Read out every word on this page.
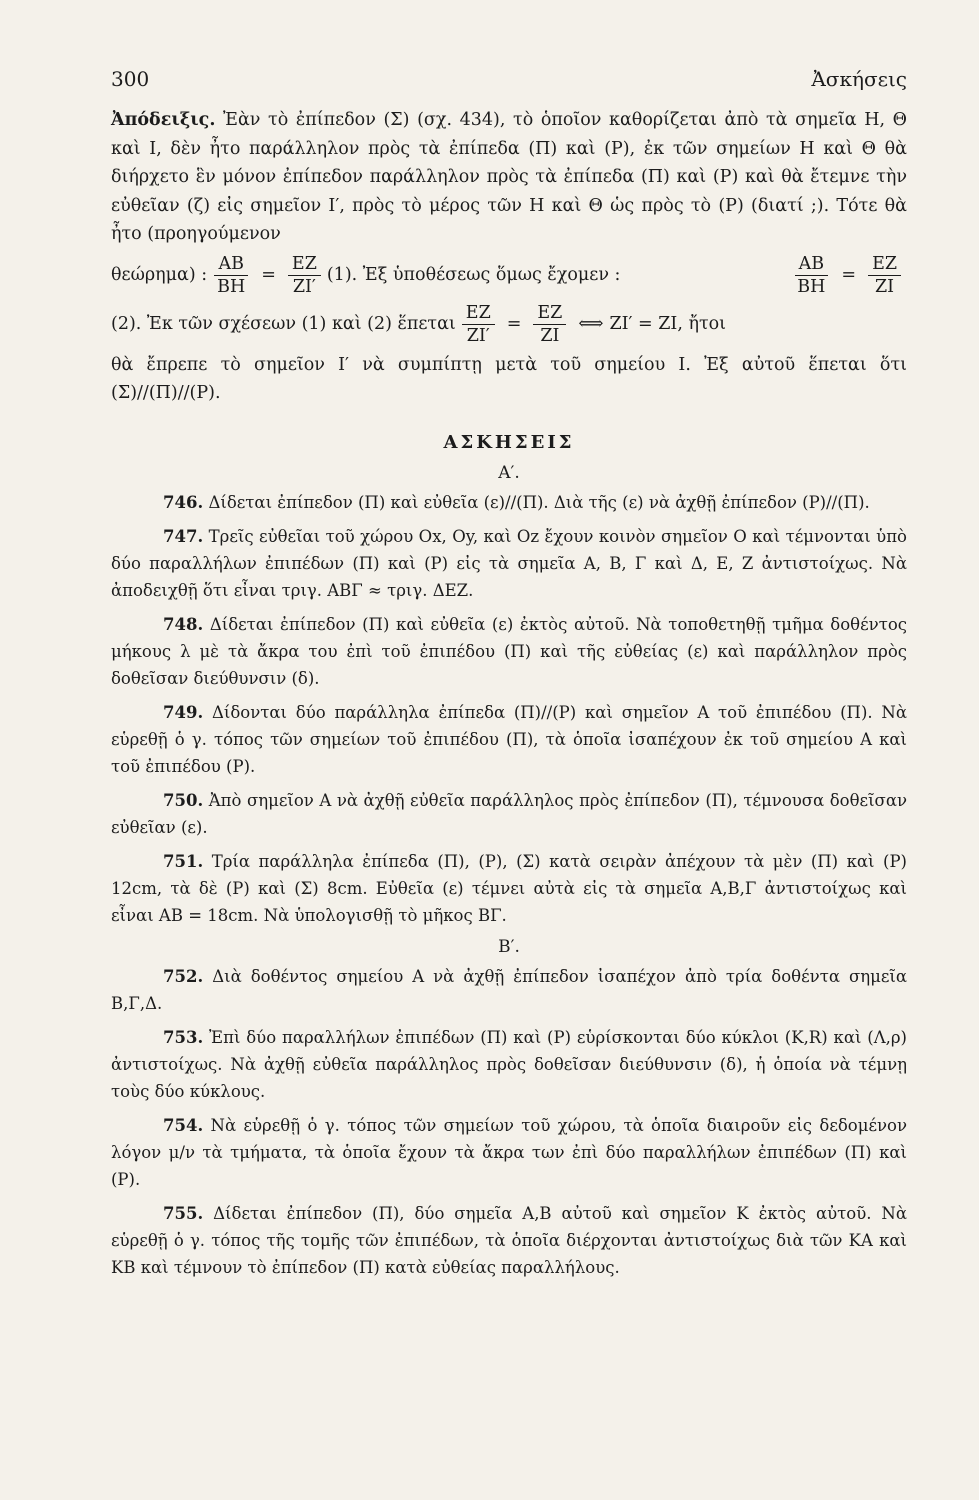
300	Ἀσκήσεις

Ἀπόδειξις. Ἐὰν τὸ ἐπίπεδον (Σ) (σχ. 434), τὸ ὁποῖον καθορίζεται ἀπὸ τὰ σημεῖα Η, Θ καὶ Ι, δὲν ἦτο παράλληλον πρὸς τὰ ἐπίπεδα (Π) καὶ (Ρ), ἐκ τῶν σημείων Η καὶ Θ θὰ διήρχετο ἓν μόνον ἐπίπεδον παράλληλον πρὸς τὰ ἐπίπεδα (Π) καὶ (Ρ) καὶ θὰ ἔτεμνε τὴν εὐθεῖαν (ζ) εἰς σημεῖον Ι′, πρὸς τὸ μέρος τῶν Η καὶ Θ ὡς πρὸς τὸ (Ρ) (διατί ;). Τότε θὰ ἦτο (προηγούμενον

θεώρημα) : $\frac{AB}{BH} = \frac{EZ}{ZI'} (1)$. Ἐξ ὑποθέσεως ὅμως ἔχομεν :	$\frac{AB}{BH} = \frac{EZ}{ZI}$
(2). Ἐκ τῶν σχέσεων (1) καὶ (2) ἕπεται $\frac{EZ}{ZI'} = \frac{EZ}{ZI}$ ⟺ ΖΙ′ = ΖΙ, ἤτοι

θὰ ἔπρεπε τὸ σημεῖον Ι′ νὰ συμπίπτῃ μετὰ τοῦ σημείου Ι. Ἐξ αὐτοῦ ἕπεται ὅτι (Σ)//(Π)//(Ρ).

ΑΣΚΗΣΕΙΣ
Α′.

746. Δίδεται ἐπίπεδον (Π) καὶ εὐθεῖα (ε)//(Π). Διὰ τῆς (ε) νὰ ἀχθῇ ἐπίπεδον (Ρ)//(Π).

747. Τρεῖς εὐθεῖαι τοῦ χώρου Οx, Οy, καὶ Οz ἔχουν κοινὸν σημεῖον Ο καὶ τέμνονται ὑπὸ δύο παραλλήλων ἐπιπέδων (Π) καὶ (Ρ) εἰς τὰ σημεῖα Α, Β, Γ καὶ Δ, Ε, Ζ ἀντιστοίχως. Νὰ ἀποδειχθῇ ὅτι εἶναι τριγ. ΑΒΓ ≈ τριγ. ΔΕΖ.

748. Δίδεται ἐπίπεδον (Π) καὶ εὐθεῖα (ε) ἐκτὸς αὐτοῦ. Νὰ τοποθετηθῇ τμῆμα δοθέντος μήκους λ μὲ τὰ ἄκρα του ἐπὶ τοῦ ἐπιπέδου (Π) καὶ τῆς εὐθείας (ε) καὶ παράλληλον πρὸς δοθεῖσαν διεύθυνσιν (δ).

749. Δίδονται δύο παράλληλα ἐπίπεδα (Π)//(Ρ) καὶ σημεῖον Α τοῦ ἐπιπέδου (Π). Νὰ εὑρεθῇ ὁ γ. τόπος τῶν σημείων τοῦ ἐπιπέδου (Π), τὰ ὁποῖα ἰσαπέχουν ἐκ τοῦ σημείου Α καὶ τοῦ ἐπιπέδου (Ρ).

750. Ἀπὸ σημεῖον Α νὰ ἀχθῇ εὐθεῖα παράλληλος πρὸς ἐπίπεδον (Π), τέμνουσα δοθεῖσαν εὐθεῖαν (ε).

751. Τρία παράλληλα ἐπίπεδα (Π), (Ρ), (Σ) κατὰ σειρὰν ἀπέχουν τὰ μὲν (Π) καὶ (Ρ) 12cm, τὰ δὲ (Ρ) καὶ (Σ) 8cm. Εὐθεῖα (ε) τέμνει αὐτὰ εἰς τὰ σημεῖα Α,Β,Γ ἀντιστοίχως καὶ εἶναι ΑΒ = 18cm. Νὰ ὑπολογισθῇ τὸ μῆκος ΒΓ.

Β′.

752. Διὰ δοθέντος σημείου Α νὰ ἀχθῇ ἐπίπεδον ἰσαπέχον ἀπὸ τρία δοθέντα σημεῖα Β,Γ,Δ.

753. Ἐπὶ δύο παραλλήλων ἐπιπέδων (Π) καὶ (Ρ) εὑρίσκονται δύο κύκλοι (Κ,R) καὶ (Λ,ρ) ἀντιστοίχως. Νὰ ἀχθῇ εὐθεῖα παράλληλος πρὸς δοθεῖσαν διεύθυνσιν (δ), ἡ ὁποία νὰ τέμνῃ τοὺς δύο κύκλους.

754. Νὰ εὑρεθῇ ὁ γ. τόπος τῶν σημείων τοῦ χώρου, τὰ ὁποῖα διαιροῦν εἰς δεδομένον λόγον μ/ν τὰ τμήματα, τὰ ὁποῖα ἔχουν τὰ ἄκρα των ἐπὶ δύο παραλλήλων ἐπιπέδων (Π) καὶ (Ρ).

755. Δίδεται ἐπίπεδον (Π), δύο σημεῖα Α,Β αὐτοῦ καὶ σημεῖον Κ ἐκτὸς αὐτοῦ. Νὰ εὑρεθῇ ὁ γ. τόπος τῆς τομῆς τῶν ἐπιπέδων, τὰ ὁποῖα διέρχονται ἀντιστοίχως διὰ τῶν ΚΑ καὶ ΚΒ καὶ τέμνουν τὸ ἐπίπεδον (Π) κατὰ εὐθείας παραλλήλους.
